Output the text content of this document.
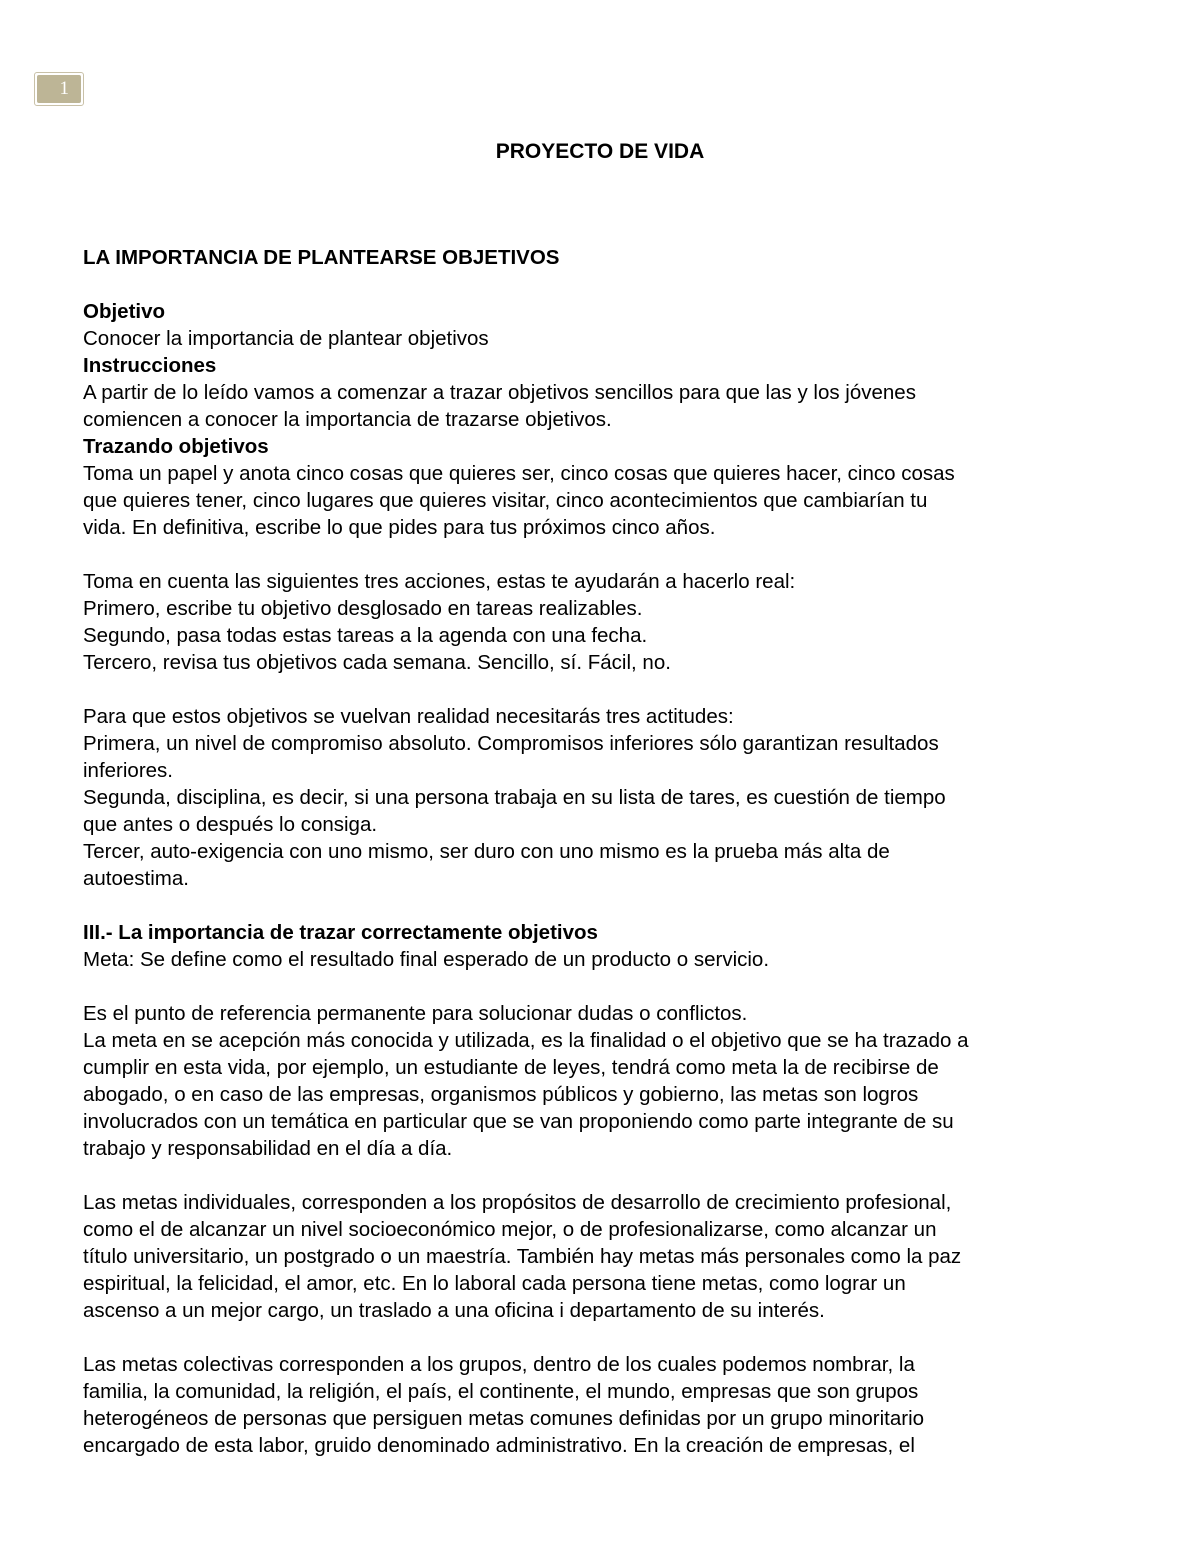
1
PROYECTO DE VIDA

LA IMPORTANCIA DE PLANTEARSE OBJETIVOS

Objetivo

Conocer la importancia de plantear objetivos

Instrucciones

A partir de lo leído vamos a comenzar a trazar objetivos sencillos para que las y los jóvenes

comiencen a conocer la importancia de trazarse objetivos.

Trazando objetivos

Toma un papel y anota cinco cosas que quieres ser, cinco cosas que quieres hacer, cinco cosas

que quieres tener, cinco lugares que quieres visitar, cinco acontecimientos que cambiarían tu

vida. En definitiva, escribe lo que pides para tus próximos cinco años.

Toma en cuenta las siguientes tres acciones, estas te ayudarán a hacerlo real:

Primero, escribe tu objetivo desglosado en tareas realizables.

Segundo, pasa todas estas tareas a la agenda con una fecha.

Tercero, revisa tus objetivos cada semana. Sencillo, sí. Fácil, no.

Para que estos objetivos se vuelvan realidad necesitarás tres actitudes:

Primera, un nivel de compromiso absoluto. Compromisos inferiores sólo garantizan resultados

inferiores.

Segunda, disciplina, es decir, si una persona trabaja en su lista de tares, es cuestión de tiempo

que antes o después lo consiga.

Tercer, auto-exigencia con uno mismo, ser duro con uno mismo es la prueba más alta de

autoestima.

III.- La importancia de trazar correctamente objetivos

Meta: Se define como el resultado final esperado de un producto o servicio.

Es el punto de referencia permanente para solucionar dudas o conflictos.

La meta en se acepción más conocida y utilizada, es la finalidad o el objetivo que se ha trazado a

cumplir en esta vida, por ejemplo, un estudiante de leyes, tendrá como meta la de recibirse de

abogado, o en caso de las empresas, organismos públicos y gobierno, las metas son logros

involucrados con un temática en particular que se van proponiendo como parte integrante de su

trabajo y responsabilidad en el día a día.

Las metas individuales, corresponden a los propósitos de desarrollo de crecimiento profesional,

como el de alcanzar un nivel socioeconómico mejor, o de profesionalizarse, como alcanzar un

título universitario, un postgrado o un maestría. También hay metas más personales como la paz

espiritual, la felicidad, el amor, etc. En lo laboral cada persona tiene metas, como lograr un

ascenso a un mejor cargo, un traslado a una oficina i departamento de su interés.

Las metas colectivas corresponden a los grupos, dentro de los cuales podemos nombrar, la

familia, la comunidad, la religión, el país, el continente, el mundo, empresas que son grupos

heterogéneos de personas que persiguen metas comunes definidas por un grupo minoritario

encargado de esta labor, gruido denominado administrativo. En la creación de empresas, el
